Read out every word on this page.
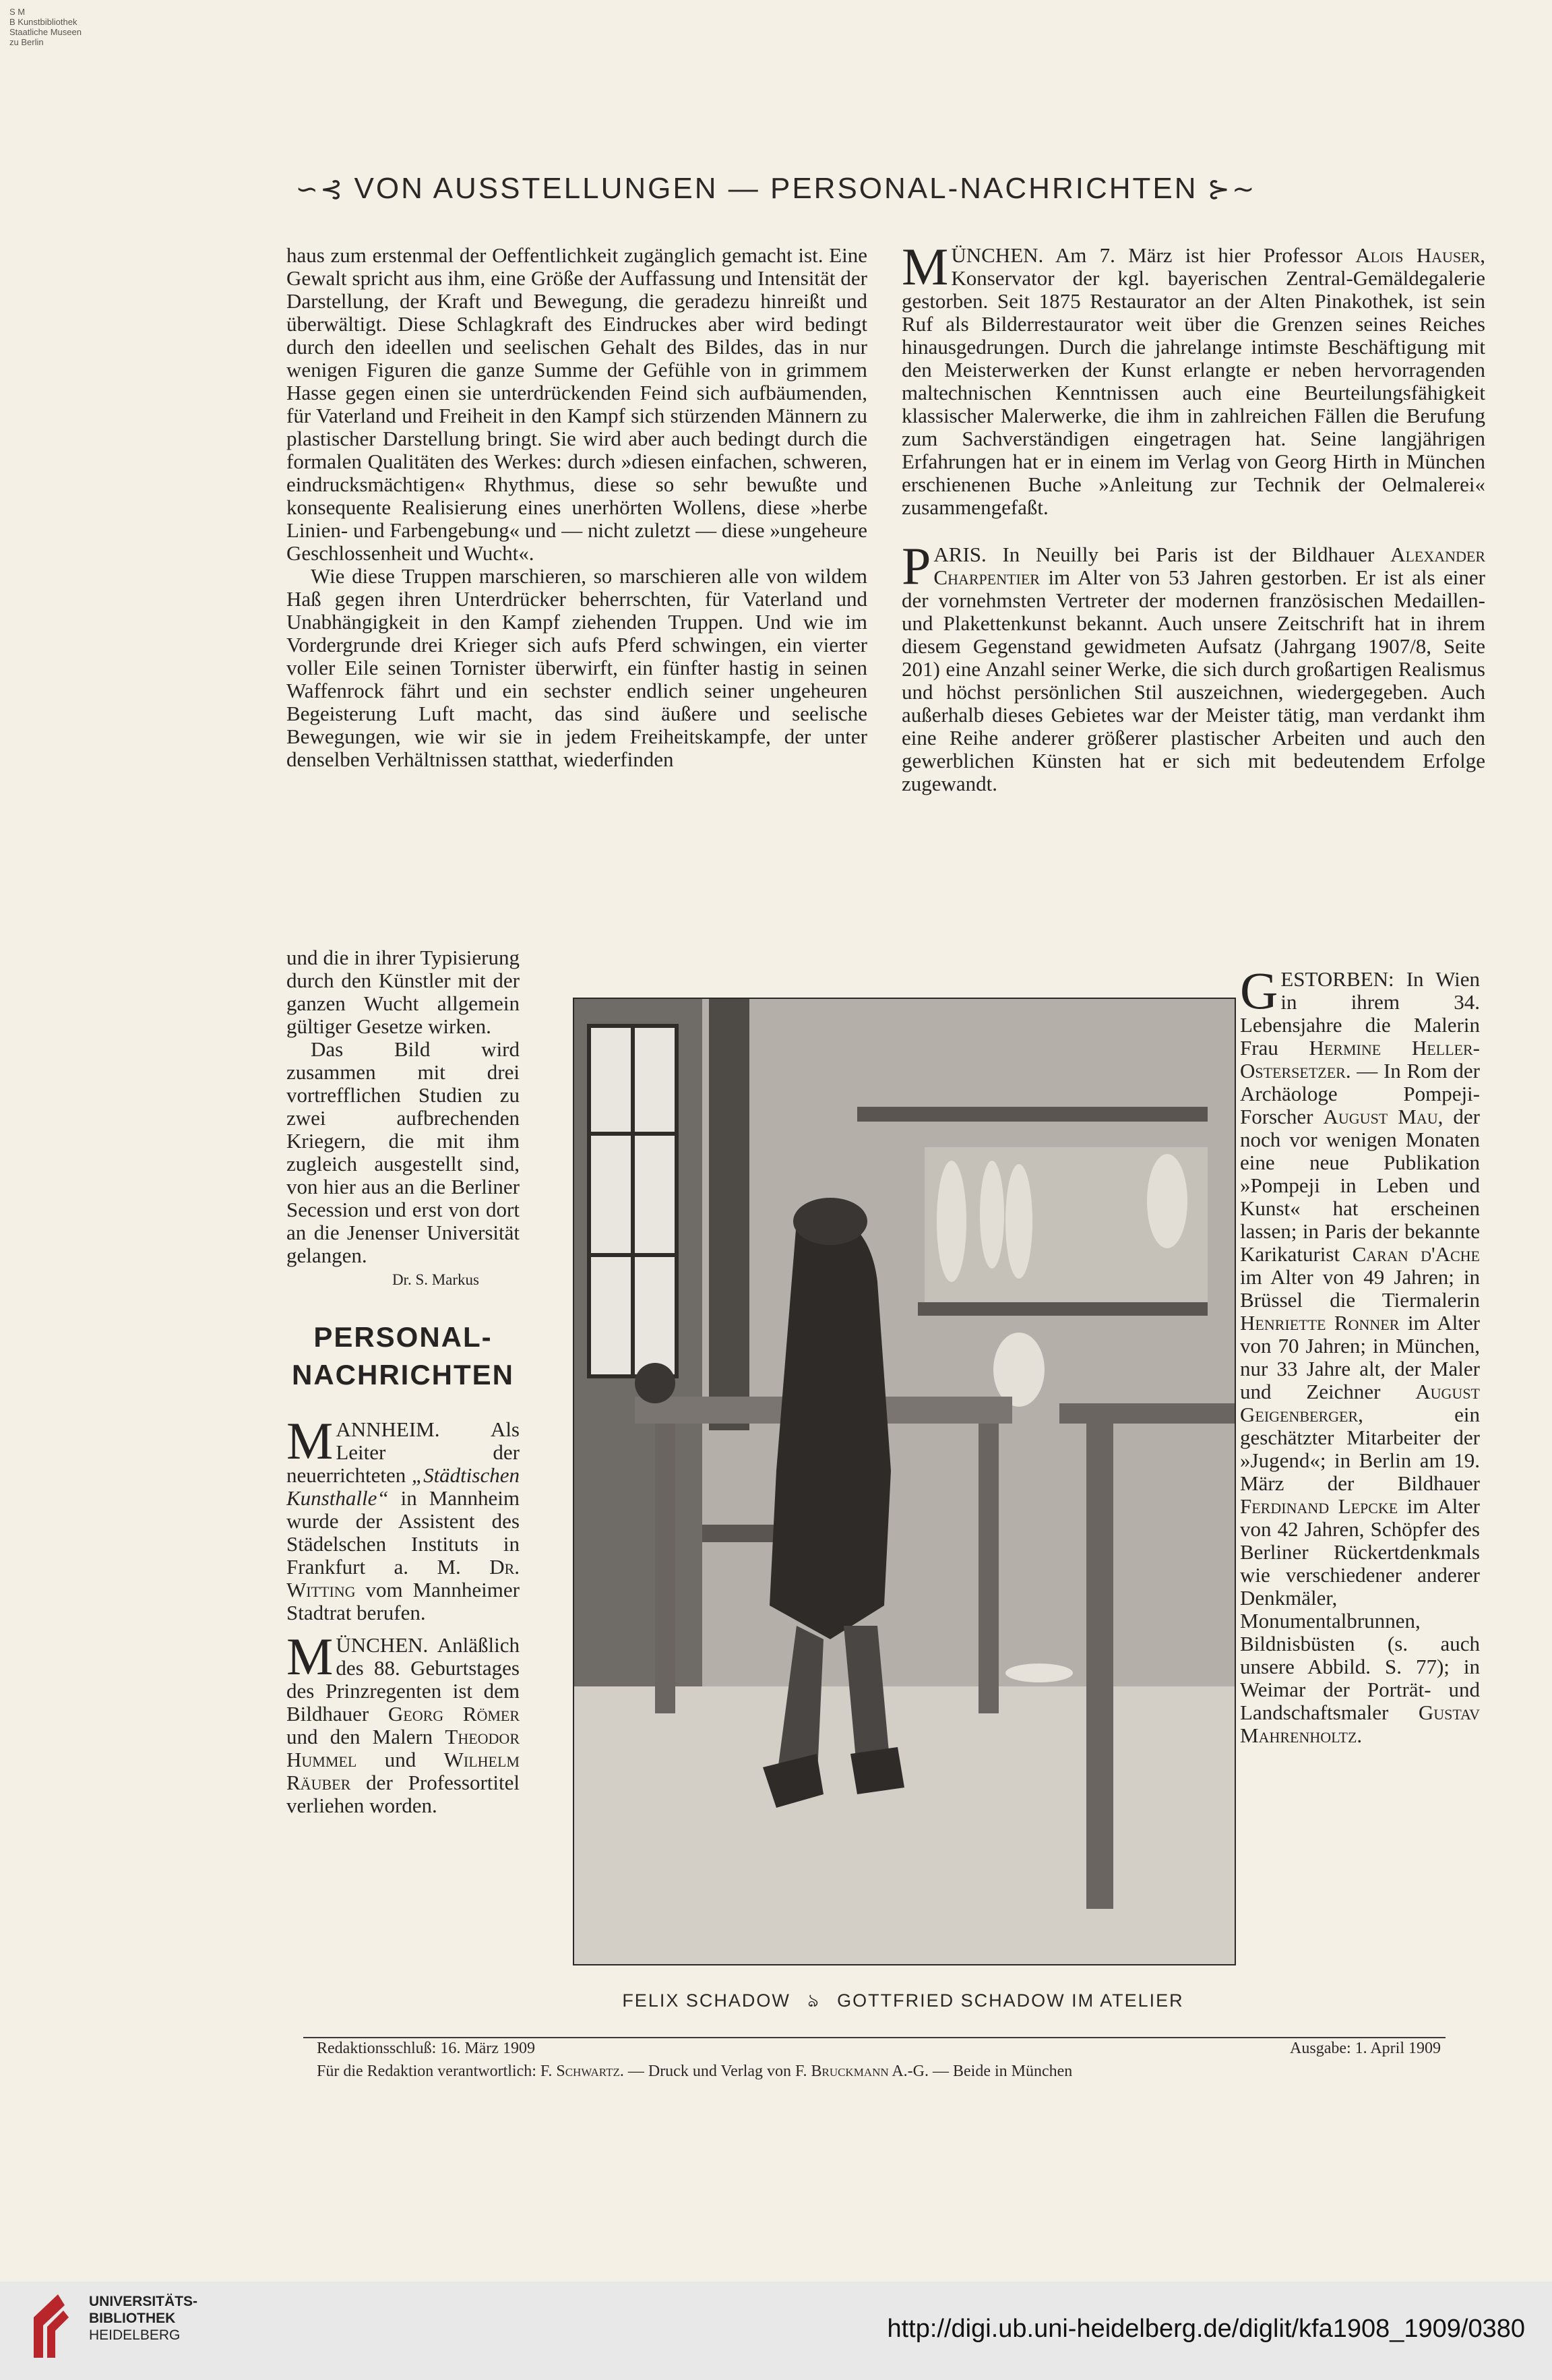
S M
B Kunstbibliothek
Staatliche Museen
zu Berlin
∽⊰ VON AUSSTELLUNGEN — PERSONAL-NACHRICHTEN ⊱∼

haus zum erstenmal der Oeffentlichkeit zugänglich gemacht ist. Eine Gewalt spricht aus ihm, eine Größe der Auffassung und Intensität der Darstellung, der Kraft und Bewegung, die geradezu hinreißt und überwältigt. Diese Schlagkraft des Eindruckes aber wird bedingt durch den ideellen und seelischen Gehalt des Bildes, das in nur wenigen Figuren die ganze Summe der Gefühle von in grimmem Hasse gegen einen sie unterdrückenden Feind sich aufbäumenden, für Vaterland und Freiheit in den Kampf sich stürzenden Männern zu plastischer Darstellung bringt. Sie wird aber auch bedingt durch die formalen Qualitäten des Werkes: durch »diesen einfachen, schweren, eindrucksmächtigen« Rhythmus, diese so sehr bewußte und konsequente Realisierung eines unerhörten Wollens, diese »herbe Linien- und Farbengebung« und — nicht zuletzt — diese »ungeheure Geschlossenheit und Wucht«.

Wie diese Truppen marschieren, so marschieren alle von wildem Haß gegen ihren Unterdrücker beherrschten, für Vaterland und Unabhängigkeit in den Kampf ziehenden Truppen. Und wie im Vordergrunde drei Krieger sich aufs Pferd schwingen, ein vierter voller Eile seinen Tornister überwirft, ein fünfter hastig in seinen Waffenrock fährt und ein sechster endlich seiner ungeheuren Begeisterung Luft macht, das sind äußere und seelische Bewegungen, wie wir sie in jedem Freiheitskampfe, der unter denselben Verhältnissen statthat, wiederfinden

und die in ihrer Typisierung durch den Künstler mit der ganzen Wucht allgemein gültiger Gesetze wirken.

Das Bild wird zusammen mit drei vortrefflichen Studien zu zwei aufbrechenden Kriegern, die mit ihm zugleich ausgestellt sind, von hier aus an die Berliner Secession und erst von dort an die Jenenser Universität gelangen.

Dr. S. Markus
PERSONAL-
NACHRICHTEN

MANNHEIM. Als Leiter der neuerrichteten „Städtischen Kunsthalle“ in Mannheim wurde der Assistent des Städelschen Instituts in Frankfurt a. M. Dr. Witting vom Mannheimer Stadtrat berufen.

MÜNCHEN. Anläßlich des 88. Geburtstages des Prinzregenten ist dem Bildhauer Georg Römer und den Malern Theodor Hummel und Wilhelm Räuber der Professortitel verliehen worden.

MÜNCHEN. Am 7. März ist hier Professor Alois Hauser, Konservator der kgl. bayerischen Zentral-Gemäldegalerie gestorben. Seit 1875 Restaurator an der Alten Pinakothek, ist sein Ruf als Bilderrestaurator weit über die Grenzen seines Reiches hinausgedrungen. Durch die jahrelange intimste Beschäftigung mit den Meisterwerken der Kunst erlangte er neben hervorragenden maltechnischen Kenntnissen auch eine Beurteilungsfähigkeit klassischer Malerwerke, die ihm in zahlreichen Fällen die Berufung zum Sachverständigen eingetragen hat. Seine langjährigen Erfahrungen hat er in einem im Verlag von Georg Hirth in München erschienenen Buche »Anleitung zur Technik der Oelmalerei« zusammengefaßt.

PARIS. In Neuilly bei Paris ist der Bildhauer Alexander Charpentier im Alter von 53 Jahren gestorben. Er ist als einer der vornehmsten Vertreter der modernen französischen Medaillen- und Plakettenkunst bekannt. Auch unsere Zeitschrift hat in ihrem diesem Gegenstand gewidmeten Aufsatz (Jahrgang 1907/8, Seite 201) eine Anzahl seiner Werke, die sich durch großartigen Realismus und höchst persönlichen Stil auszeichnen, wiedergegeben. Auch außerhalb dieses Gebietes war der Meister tätig, man verdankt ihm eine Reihe anderer größerer plastischer Arbeiten und auch den gewerblichen Künsten hat er sich mit bedeutendem Erfolge zugewandt.

GESTORBEN: In Wien in ihrem 34. Lebensjahre die Malerin Frau Hermine Heller-Ostersetzer. — In Rom der Archäologe Pompeji-Forscher August Mau, der noch vor wenigen Monaten eine neue Publikation »Pompeji in Leben und Kunst« hat erscheinen lassen; in Paris der bekannte Karikaturist Caran d'Ache im Alter von 49 Jahren; in Brüssel die Tiermalerin Henriette Ronner im Alter von 70 Jahren; in München, nur 33 Jahre alt, der Maler und Zeichner August Geigenberger, ein geschätzter Mitarbeiter der »Jugend«; in Berlin am 19. März der Bildhauer Ferdinand Lepcke im Alter von 42 Jahren, Schöpfer des Berliner Rückertdenkmals wie verschiedener anderer Denkmäler, Monumentalbrunnen, Bildnisbüsten (s. auch unsere Abbild. S. 77); in Weimar der Porträt- und Landschaftsmaler Gustav Mahrenholtz.

FELIX SCHADOW ঌ GOTTFRIED SCHADOW IM ATELIER
Redaktionsschluß: 16. März 1909	Ausgabe: 1. April 1909
Für die Redaktion verantwortlich: F. Schwartz. — Druck und Verlag von F. Bruckmann A.-G. — Beide in München
UNIVERSITÄTS-
BIBLIOTHEK
HEIDELBERG	http://digi.ub.uni-heidelberg.de/diglit/kfa1908_1909/0380
